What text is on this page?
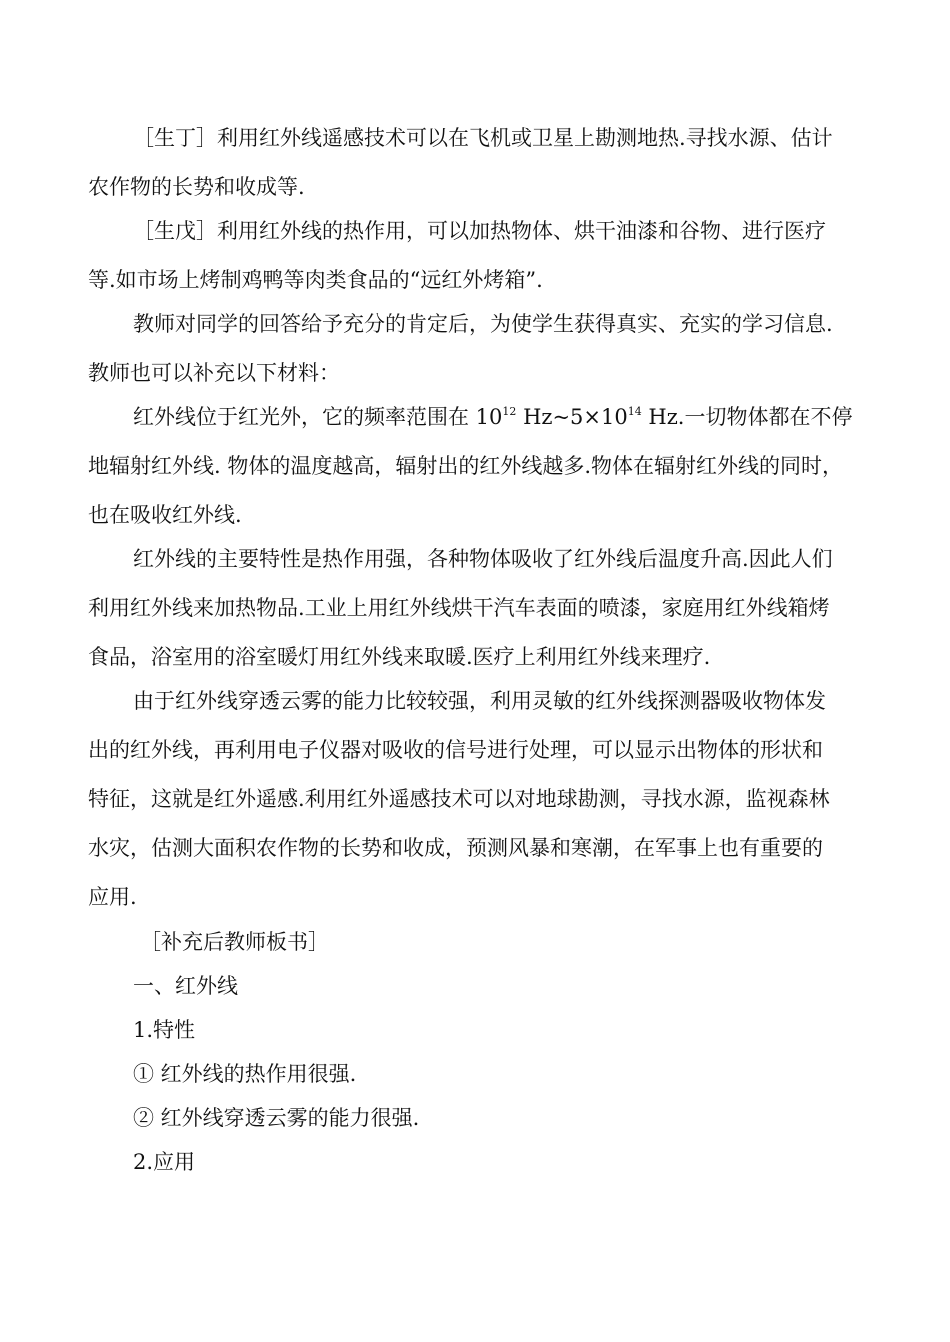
［生丁］利用红外线遥感技术可以在飞机或卫星上勘测地热.寻找水源、估计
农作物的长势和收成等.
［生戊］利用红外线的热作用，可以加热物体、烘干油漆和谷物、进行医疗
等.如市场上烤制鸡鸭等肉类食品的“远红外烤箱”.
教师对同学的回答给予充分的肯定后，为使学生获得真实、充实的学习信息.
教师也可以补充以下材料：
红外线位于红光外，它的频率范围在 $10^{12}$ $Hz\sim 5\times 10^{14}$ Hz.一切物体都在不停
地辐射红外线. 物体的温度越高，辐射出的红外线越多.物体在辐射红外线的同时，
也在吸收红外线.
红外线的主要特性是热作用强，各种物体吸收了红外线后温度升高.因此人们
利用红外线来加热物品.工业上用红外线烘干汽车表面的喷漆，家庭用红外线箱烤
食品，浴室用的浴室暖灯用红外线来取暖.医疗上利用红外线来理疗.
由于红外线穿透云雾的能力比较较强，利用灵敏的红外线探测器吸收物体发
出的红外线，再利用电子仪器对吸收的信号进行处理，可以显示出物体的形状和
特征，这就是红外遥感.利用红外遥感技术可以对地球勘测，寻找水源，监视森林
水灾，估测大面积农作物的长势和收成，预测风暴和寒潮，在军事上也有重要的
应用.
［补充后教师板书］
一、红外线
1.特性
① 红外线的热作用很强.
② 红外线穿透云雾的能力很强.
2.应用
